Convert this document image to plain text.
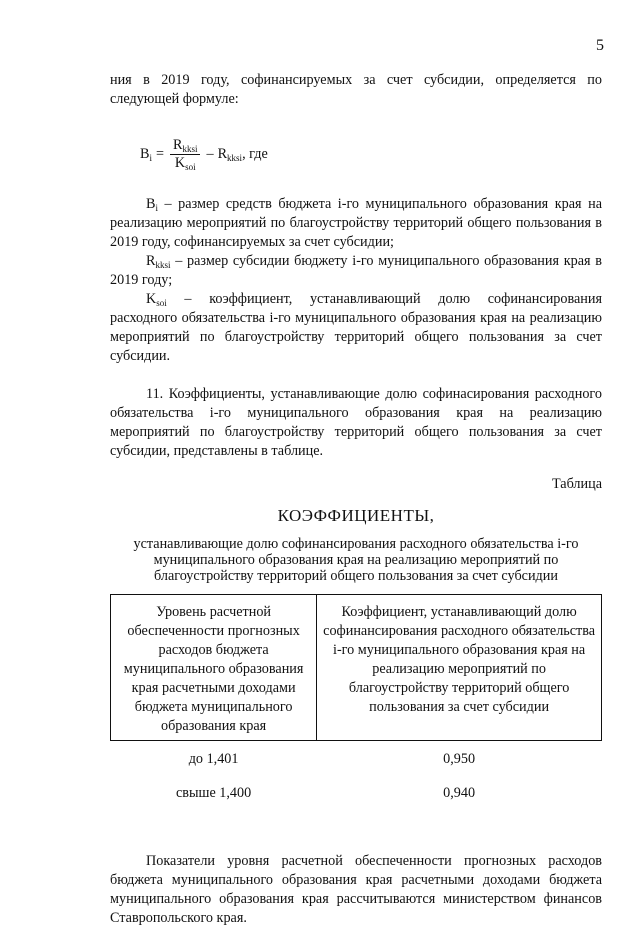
5

ния в 2019 году, софинансируемых за счет субсидии, определяется по следующей формуле:

$B_i = \frac{R_{kksi}}{K_{soi}} - R_{kksi}$ , где

$B_i$ – размер средств бюджета i-го муниципального образования края на реализацию мероприятий по благоустройству территорий общего пользования в 2019 году, софинансируемых за счет субсидии;

$R_{kksi}$ – размер субсидии бюджету i-го муниципального образования края в 2019 году;

$K_{soi}$ – коэффициент, устанавливающий долю софинансирования расходного обязательства i-го муниципального образования края на реализацию мероприятий по благоустройству территорий общего пользования за счет субсидии.

11. Коэффициенты, устанавливающие долю софинасирования расходного обязательства i-го муниципального образования края на реализацию мероприятий по благоустройству территорий общего пользования за счет субсидии, представлены в таблице.

Таблица

КОЭФФИЦИЕНТЫ,

устанавливающие долю софинансирования расходного обязательства i-го муниципального образования края на реализацию мероприятий по благоустройству территорий общего пользования за счет субсидии

Уровень расчетной обеспеченности прогнозных расходов бюджета муниципального образования края расчетными доходами бюджета муниципального образования края	Коэффициент, устанавливающий долю софинансирования расходного обязательства i-го муниципального образования края на реализацию мероприятий по благоустройству территорий общего пользования за счет субсидии
до 1,401	0,950
свыше 1,400	0,940

Показатели уровня расчетной обеспеченности прогнозных расходов бюджета муниципального образования края расчетными доходами бюджета муниципального образования края рассчитываются министерством финансов Ставропольского края.
